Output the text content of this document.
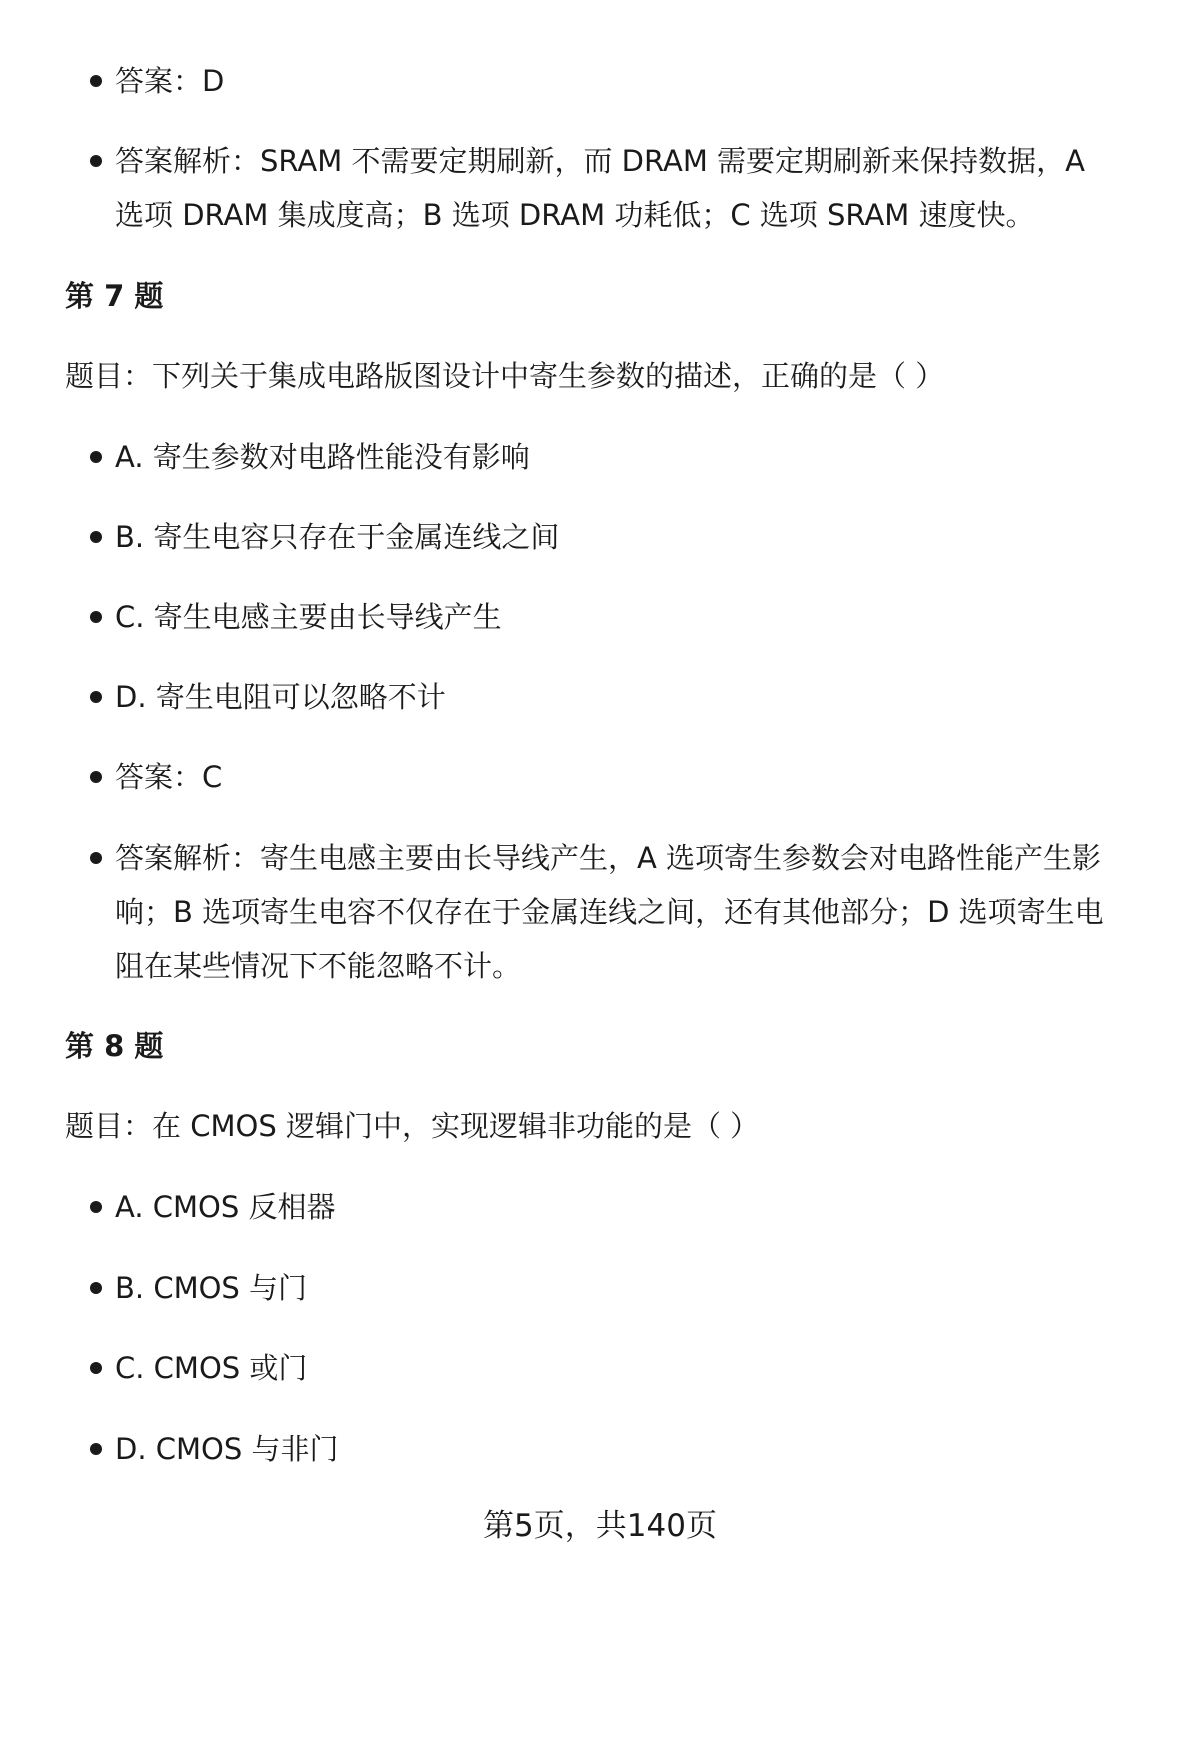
答案：D
答案解析：SRAM 不需要定期刷新，而 DRAM 需要定期刷新来保持数据，A
选项 DRAM 集成度高；B 选项 DRAM 功耗低；C 选项 SRAM 速度快。
第 7 题
题目：下列关于集成电路版图设计中寄生参数的描述，正确的是（ ）
A. 寄生参数对电路性能没有影响
B. 寄生电容只存在于金属连线之间
C. 寄生电感主要由长导线产生
D. 寄生电阻可以忽略不计
答案：C
答案解析：寄生电感主要由长导线产生，A 选项寄生参数会对电路性能产生影
响；B 选项寄生电容不仅存在于金属连线之间，还有其他部分；D 选项寄生电
阻在某些情况下不能忽略不计。
第 8 题
题目：在 CMOS 逻辑门中，实现逻辑非功能的是（ ）
A. CMOS 反相器
B. CMOS 与门
C. CMOS 或门
D. CMOS 与非门
第5页，共140页
